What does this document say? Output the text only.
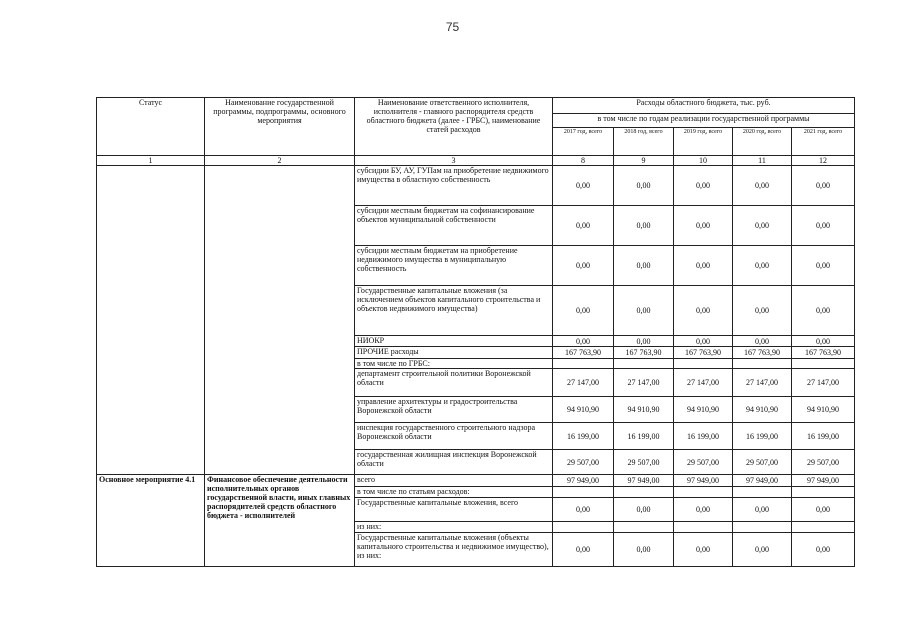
75
Статус	Наименование государственной программы, подпрограммы, основного мероприятия	Наименование ответственного исполнителя, исполнителя - главного распорядителя средств областного бюджета (далее - ГРБС), наименование статей расходов	Расходы областного бюджета, тыс. руб.				
			в том числе по годам реализации государственной программы				
			2017 год, всего	2018 год, всего	2019 год, всего	2020 год, всего	2021 год, всего
1	2	3	8	9	10	11	12
		субсидии БУ, АУ, ГУПам на приобретение недвижимого имущества в областную собственность	0,00	0,00	0,00	0,00	0,00
		субсидии местным бюджетам на софинансирование объектов муниципальной собственности	0,00	0,00	0,00	0,00	0,00
		субсидии местным бюджетам на приобретение недвижимого имущества в муниципальную собственность	0,00	0,00	0,00	0,00	0,00
		Государственные капитальные вложения (за исключением объектов капитального строительства и объектов недвижимого имущества)	0,00	0,00	0,00	0,00	0,00
		НИОКР	0,00	0,00	0,00	0,00	0,00
		ПРОЧИЕ расходы	167 763,90	167 763,90	167 763,90	167 763,90	167 763,90
		в том числе по ГРБС:					
		департамент строительной политики Воронежской области	27 147,00	27 147,00	27 147,00	27 147,00	27 147,00
		управление архитектуры и градостроительства Воронежской области	94 910,90	94 910,90	94 910,90	94 910,90	94 910,90
		инспекция государственного строительного надзора Воронежской области	16 199,00	16 199,00	16 199,00	16 199,00	16 199,00
		государственная жилищная инспекция Воронежской области	29 507,00	29 507,00	29 507,00	29 507,00	29 507,00
Основное мероприятие 4.1	Финансовое обеспечение деятельности исполнительных органов государственной власти, иных главных распорядителей средств областного бюджета - исполнителей	всего	97 949,00	97 949,00	97 949,00	97 949,00	97 949,00
		в том числе по статьям расходов:					
		Государственные капитальные вложения, всего	0,00	0,00	0,00	0,00	0,00
		из них:					
		Государственные капитальные вложения (объекты капитального строительства и недвижимое имущество), из них:	0,00	0,00	0,00	0,00	0,00
